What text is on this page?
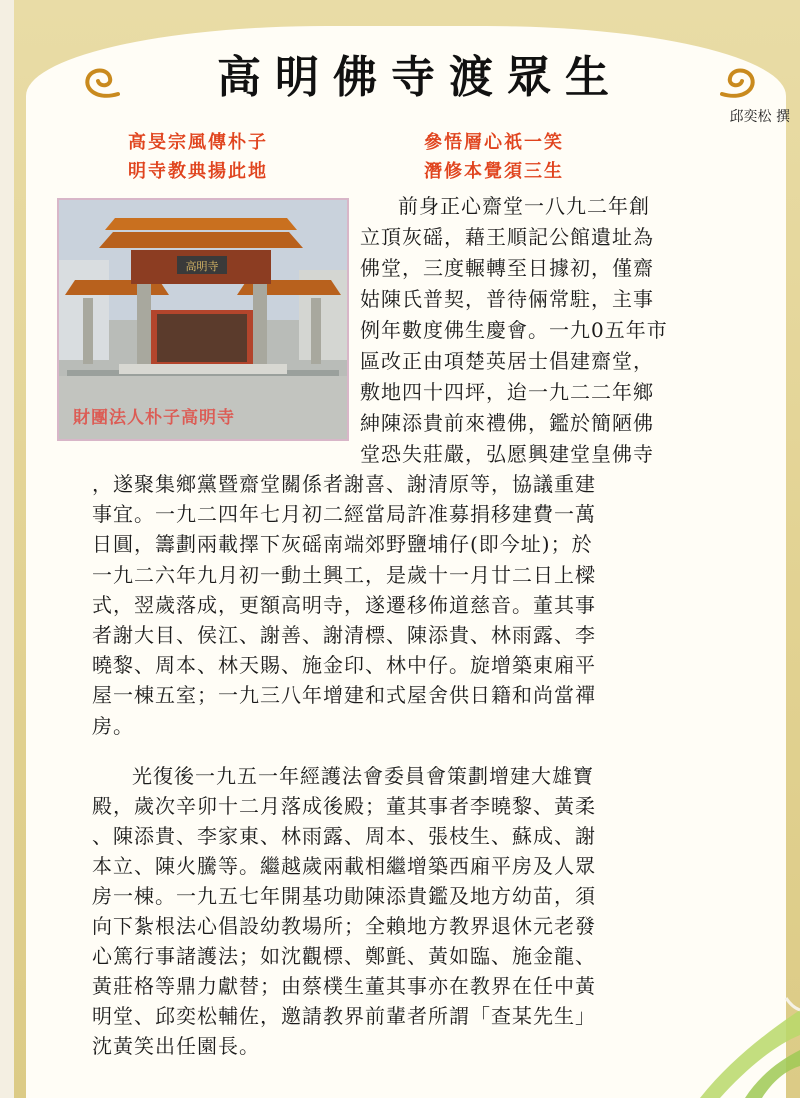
高明佛寺渡眾生
邱奕松 撰
高旻宗風傳朴子	參悟層心祇一笑
明寺教典揚此地	潛修本覺須三生
高明寺
財團法人朴子高明寺
前身正心齋堂一八九二年創
立頂灰磘，藉王順記公館遺址為
佛堂，三度輾轉至日據初，僅齋
姑陳氏普契，普待倆常駐，主事
例年數度佛生慶會。一九0五年市
區改正由項楚英居士倡建齋堂，
敷地四十四坪，迨一九二二年鄉
紳陳添貴前來禮佛，鑑於簡陋佛
堂恐失莊嚴，弘愿興建堂皇佛寺
，遂聚集鄉黨暨齋堂關係者謝喜、謝清原等，協議重建
事宜。一九二四年七月初二經當局許准募捐移建費一萬
日圓，籌劃兩載擇下灰磘南端郊野鹽埔仔(即今址)；於
一九二六年九月初一動土興工，是歲十一月廿二日上樑
式，翌歲落成，更額高明寺，遂遷移佈道慈音。董其事
者謝大目、侯江、謝善、謝清標、陳添貴、林雨露、李
曉黎、周本、林天賜、施金印、林中仔。旋增築東廂平
屋一棟五室；一九三八年增建和式屋舍供日籍和尚當禪
房。
光復後一九五一年經護法會委員會策劃增建大雄寶
殿，歲次辛卯十二月落成後殿；董其事者李曉黎、黃柔
、陳添貴、李家東、林雨露、周本、張枝生、蘇成、謝
本立、陳火騰等。繼越歲兩載相繼增築西廂平房及人眾
房一棟。一九五七年開基功勛陳添貴鑑及地方幼苗，須
向下紮根法心倡設幼教場所；全賴地方教界退休元老發
心篤行事諸護法；如沈觀標、鄭氈、黃如臨、施金龍、
黃莊格等鼎力獻替；由蔡樸生董其事亦在教界在任中黃
明堂、邱奕松輔佐，邀請教界前輩者所謂「查某先生」
沈黃笑出任園長。
